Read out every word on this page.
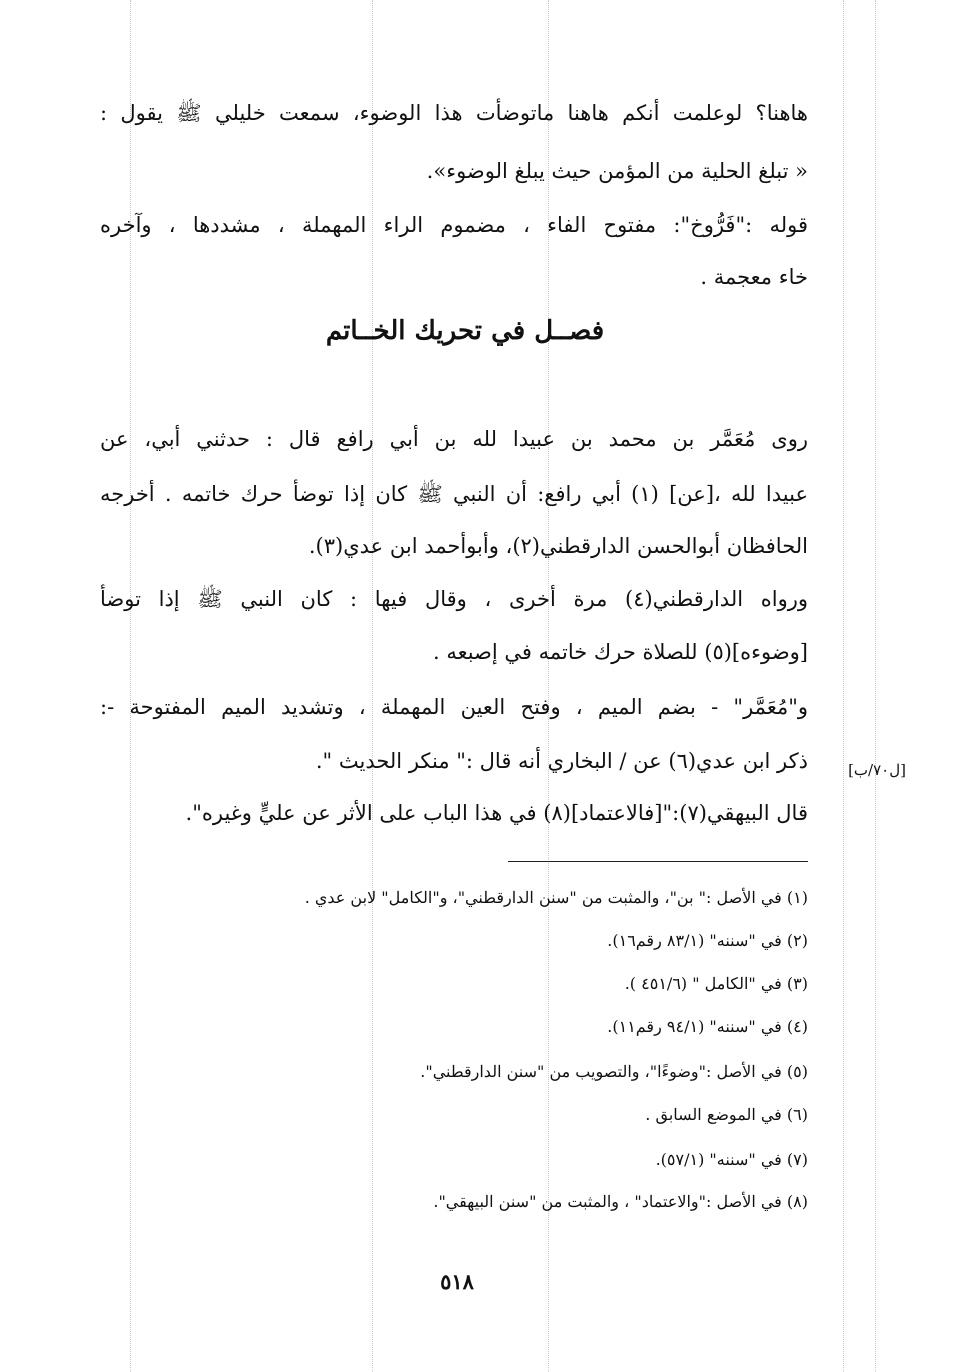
هاهنا؟ لوعلمت أنكم هاهنا ماتوضأت هذا الوضوء، سمعت خليلي ﷺ يقول :
« تبلغ الحلية من المؤمن حيث يبلغ الوضوء».
قوله :"فَرُّوخ": مفتوح الفاء ، مضموم الراء المهملة ، مشددها ، وآخره
خاء معجمة .
فصــل في تحريك الخــاتم
روى مُعَمَّر بن محمد بن عبيدا لله بن أبي رافع قال : حدثني أبي، عن
عبيدا لله ،[عن] (١) أبي رافع: أن النبي ﷺ كان إذا توضأ حرك خاتمه . أخرجه
الحافظان أبوالحسن الدارقطني(٢)، وأبوأحمد ابن عدي(٣).
ورواه الدارقطني(٤) مرة أخرى ، وقال فيها : كان النبي ﷺ إذا توضأ
[وضوءه](٥) للصلاة حرك خاتمه في إصبعه .
و"مُعَمَّر" - بضم الميم ، وفتح العين المهملة ، وتشديد الميم المفتوحة -:
ذكر ابن عدي(٦) عن / البخاري أنه قال :" منكر الحديث ".
قال البيهقي(٧):"[فالاعتماد](٨) في هذا الباب على الأثر عن عليٍّ وغيره".
[ل٧٠/ب]
(١) في الأصل :" بن"، والمثبت من "سنن الدارقطني"، و"الكامل" لابن عدي .
(٢) في "سننه" (٨٣/١ رقم١٦).
(٣) في "الكامل " (٤٥١/٦ ).
(٤) في "سننه" (٩٤/١ رقم١١).
(٥) في الأصل :"وضوءًا"، والتصويب من "سنن الدارقطني".
(٦) في الموضع السابق .
(٧) في "سننه" (٥٧/١).
(٨) في الأصل :"والاعتماد" ، والمثبت من "سنن البيهقي".
٥١٨
